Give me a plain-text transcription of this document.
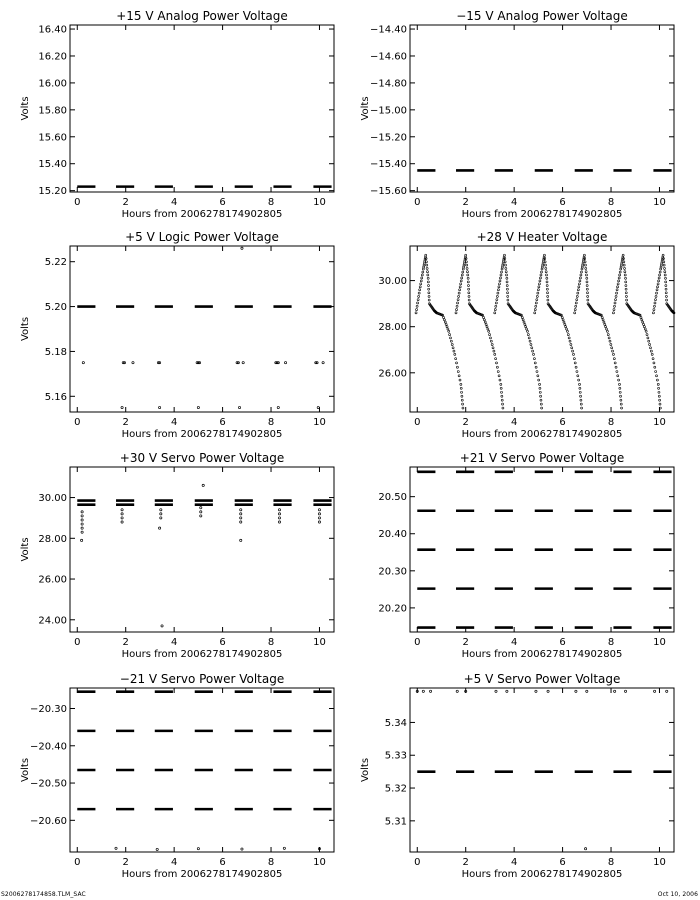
+15 V Analog Power Voltage
0	2	4	6	8	10
15.20
15.40
15.60
15.80
16.00
16.20
16.40
Hours from 2006278174902805
Volts
−15 V Analog Power Voltage
0	2	4	6	8	10
−15.60
−15.40
−15.20
−15.00
−14.80
−14.60
−14.40
Hours from 2006278174902805
Volts
+5 V Logic Power Voltage
0	2	4	6	8	10
5.16
5.18
5.20
5.22
Hours from 2006278174902805
Volts
+28 V Heater Voltage
0	2	4	6	8	10
26.00
28.00
30.00
Hours from 2006278174902805
+30 V Servo Power Voltage
0	2	4	6	8	10
24.00
26.00
28.00
30.00
Hours from 2006278174902805
Volts
+21 V Servo Power Voltage
0	2	4	6	8	10
20.20
20.30
20.40
20.50
Hours from 2006278174902805
−21 V Servo Power Voltage
0	2	4	6	8	10
−20.60
−20.50
−20.40
−20.30
Hours from 2006278174902805
Volts
+5 V Servo Power Voltage
0	2	4	6	8	10
5.31
5.32
5.33
5.34
Hours from 2006278174902805
Volts
S2006278174858.TLM_SAC	Oct 10, 2006
